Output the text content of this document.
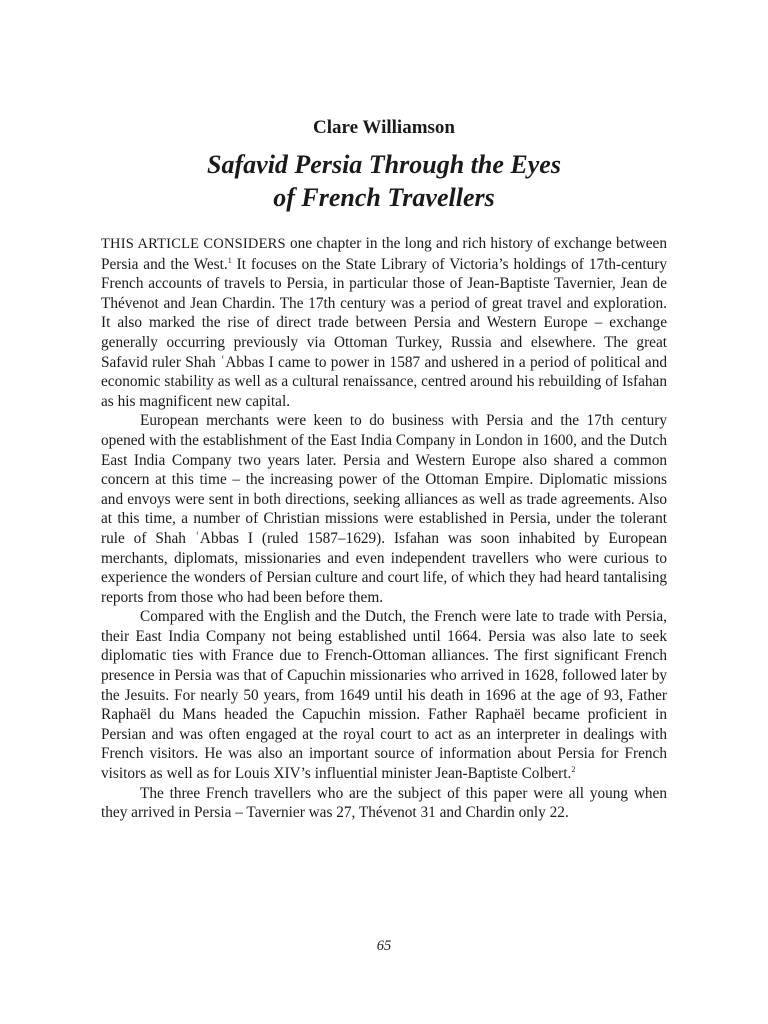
Clare Williamson
Safavid Persia Through the Eyes
of French Travellers

THIS ARTICLE CONSIDERS one chapter in the long and rich history of exchange between Persia and the West.$^1$ It focuses on the State Library of Victoria’s holdings of 17th-century French accounts of travels to Persia, in particular those of Jean-Baptiste Tavernier, Jean de Thévenot and Jean Chardin. The 17th century was a period of great travel and exploration. It also marked the rise of direct trade between Persia and Western Europe – exchange generally occurring previously via Ottoman Turkey, Russia and elsewhere. The great Safavid ruler Shah ʿAbbas I came to power in 1587 and ushered in a period of political and economic stability as well as a cultural renaissance, centred around his rebuilding of Isfahan as his magnificent new capital.

European merchants were keen to do business with Persia and the 17th century opened with the establishment of the East India Company in London in 1600, and the Dutch East India Company two years later. Persia and Western Europe also shared a common concern at this time – the increasing power of the Ottoman Empire. Diplomatic missions and envoys were sent in both directions, seeking alliances as well as trade agreements. Also at this time, a number of Christian missions were established in Persia, under the tolerant rule of Shah ʿAbbas I (ruled 1587–1629). Isfahan was soon inhabited by European merchants, diplomats, missionaries and even independent travellers who were curious to experience the wonders of Persian culture and court life, of which they had heard tantalising reports from those who had been before them.

Compared with the English and the Dutch, the French were late to trade with Persia, their East India Company not being established until 1664. Persia was also late to seek diplomatic ties with France due to French-Ottoman alliances. The first significant French presence in Persia was that of Capuchin missionaries who arrived in 1628, followed later by the Jesuits. For nearly 50 years, from 1649 until his death in 1696 at the age of 93, Father Raphaël du Mans headed the Capuchin mission. Father Raphaël became proficient in Persian and was often engaged at the royal court to act as an interpreter in dealings with French visitors. He was also an important source of information about Persia for French visitors as well as for Louis XIV’s influential minister Jean-Baptiste Colbert.$^2$

The three French travellers who are the subject of this paper were all young when they arrived in Persia – Tavernier was 27, Thévenot 31 and Chardin only 22.

65
